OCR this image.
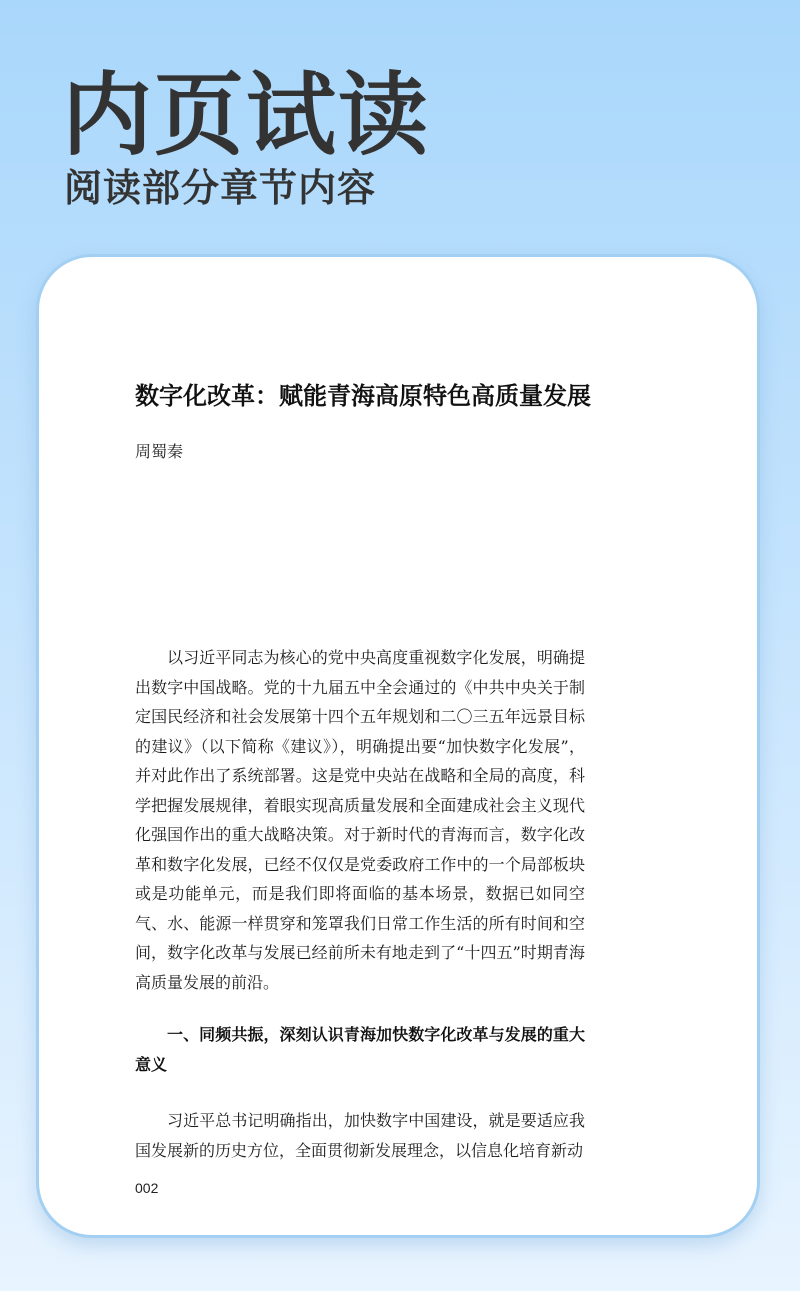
内页试读
阅读部分章节内容
数字化改革：赋能青海高原特色高质量发展
周蜀秦

以习近平同志为核心的党中央高度重视数字化发展，明确提出数字中国战略。党的十九届五中全会通过的《中共中央关于制定国民经济和社会发展第十四个五年规划和二〇三五年远景目标的建议》（以下简称《建议》），明确提出要“加快数字化发展”，并对此作出了系统部署。这是党中央站在战略和全局的高度，科学把握发展规律，着眼实现高质量发展和全面建成社会主义现代化强国作出的重大战略决策。对于新时代的青海而言，数字化改革和数字化发展，已经不仅仅是党委政府工作中的一个局部板块或是功能单元，而是我们即将面临的基本场景，数据已如同空气、水、能源一样贯穿和笼罩我们日常工作生活的所有时间和空间，数字化改革与发展已经前所未有地走到了“十四五”时期青海高质量发展的前沿。

一、同频共振，深刻认识青海加快数字化改革与发展的重大意义

习近平总书记明确指出，加快数字中国建设，就是要适应我国发展新的历史方位，全面贯彻新发展理念，以信息化培育新动

002
